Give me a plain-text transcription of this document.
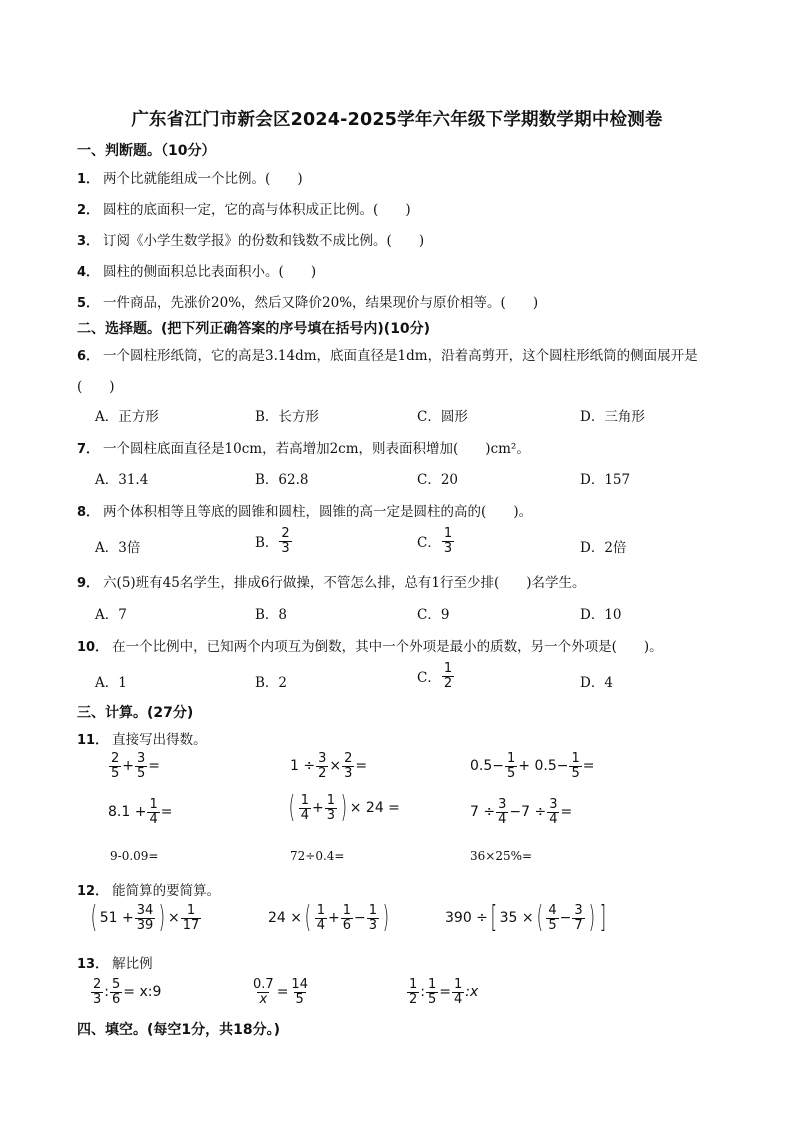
广东省江门市新会区2024-2025学年六年级下学期数学期中检测卷
一、判断题。（10分）
1． 两个比就能组成一个比例。(　　)
2． 圆柱的底面积一定，它的高与体积成正比例。(　　)
3． 订阅《小学生数学报》的份数和钱数不成比例。(　　)
4． 圆柱的侧面积总比表面积小。(　　)
5． 一件商品，先涨价20%，然后又降价20%，结果现价与原价相等。(　　)
二、选择题。(把下列正确答案的序号填在括号内)(10分)
6． 一个圆柱形纸筒，它的高是3.14dm，底面直径是1dm，沿着高剪开，这个圆柱形纸筒的侧面展开是
(　　)
A．正方形	B．长方形	C．圆形	D．三角形
7． 一个圆柱底面直径是10cm，若高增加2cm，则表面积增加(　　)cm²。
A．31.4	B．62.8	C．20	D．157
8． 两个体积相等且等底的圆锥和圆柱，圆锥的高一定是圆柱的高的(　　)。
A．3倍	B． $\frac{2}{3}$	C． $\frac{1}{3}$	D．2倍
9． 六(5)班有45名学生，排成6行做操，不管怎么排，总有1行至少排(　　)名学生。
A．7	B．8	C．9	D．10
10． 在一个比例中，已知两个内项互为倒数，其中一个外项是最小的质数，另一个外项是(　　)。
A．1	B．2	C． $\frac{1}{2}$	D．4
三、计算。(27分)
11． 直接写出得数。
$\frac{2}{5} + \frac{3}{5}$ =	$1 \div \frac{3}{2} \times \frac{2}{3}$ =	$0.5- \frac{1}{5} + 0.5- \frac{1}{5}$ =
$8.1 + \frac{1}{4}$ =	( $\frac{1}{4} + \frac{1}{3}$ ) × 24 =	$7 \div \frac{3}{4} -7 \div \frac{3}{4}$ =
9-0.09=	72÷0.4=	36×25%=
12． 能简算的要简算。
( $51 + \frac{34}{39}$ ) × $\frac{1}{17}$	24 × ( $\frac{1}{4} + \frac{1}{6} - \frac{1}{3}$ )	390 ÷ [ 35 × ( $\frac{4}{5} - \frac{3}{7}$ ) ]
13． 解比例
$\frac{2}{3}$ : $\frac{5}{6}$ = x:9	$\frac{0.7}{x} = \frac{14}{5}$	$\frac{1}{2}$ : $\frac{1}{5} = \frac{1}{4}$ :x
四、填空。(每空1分，共18分。)
